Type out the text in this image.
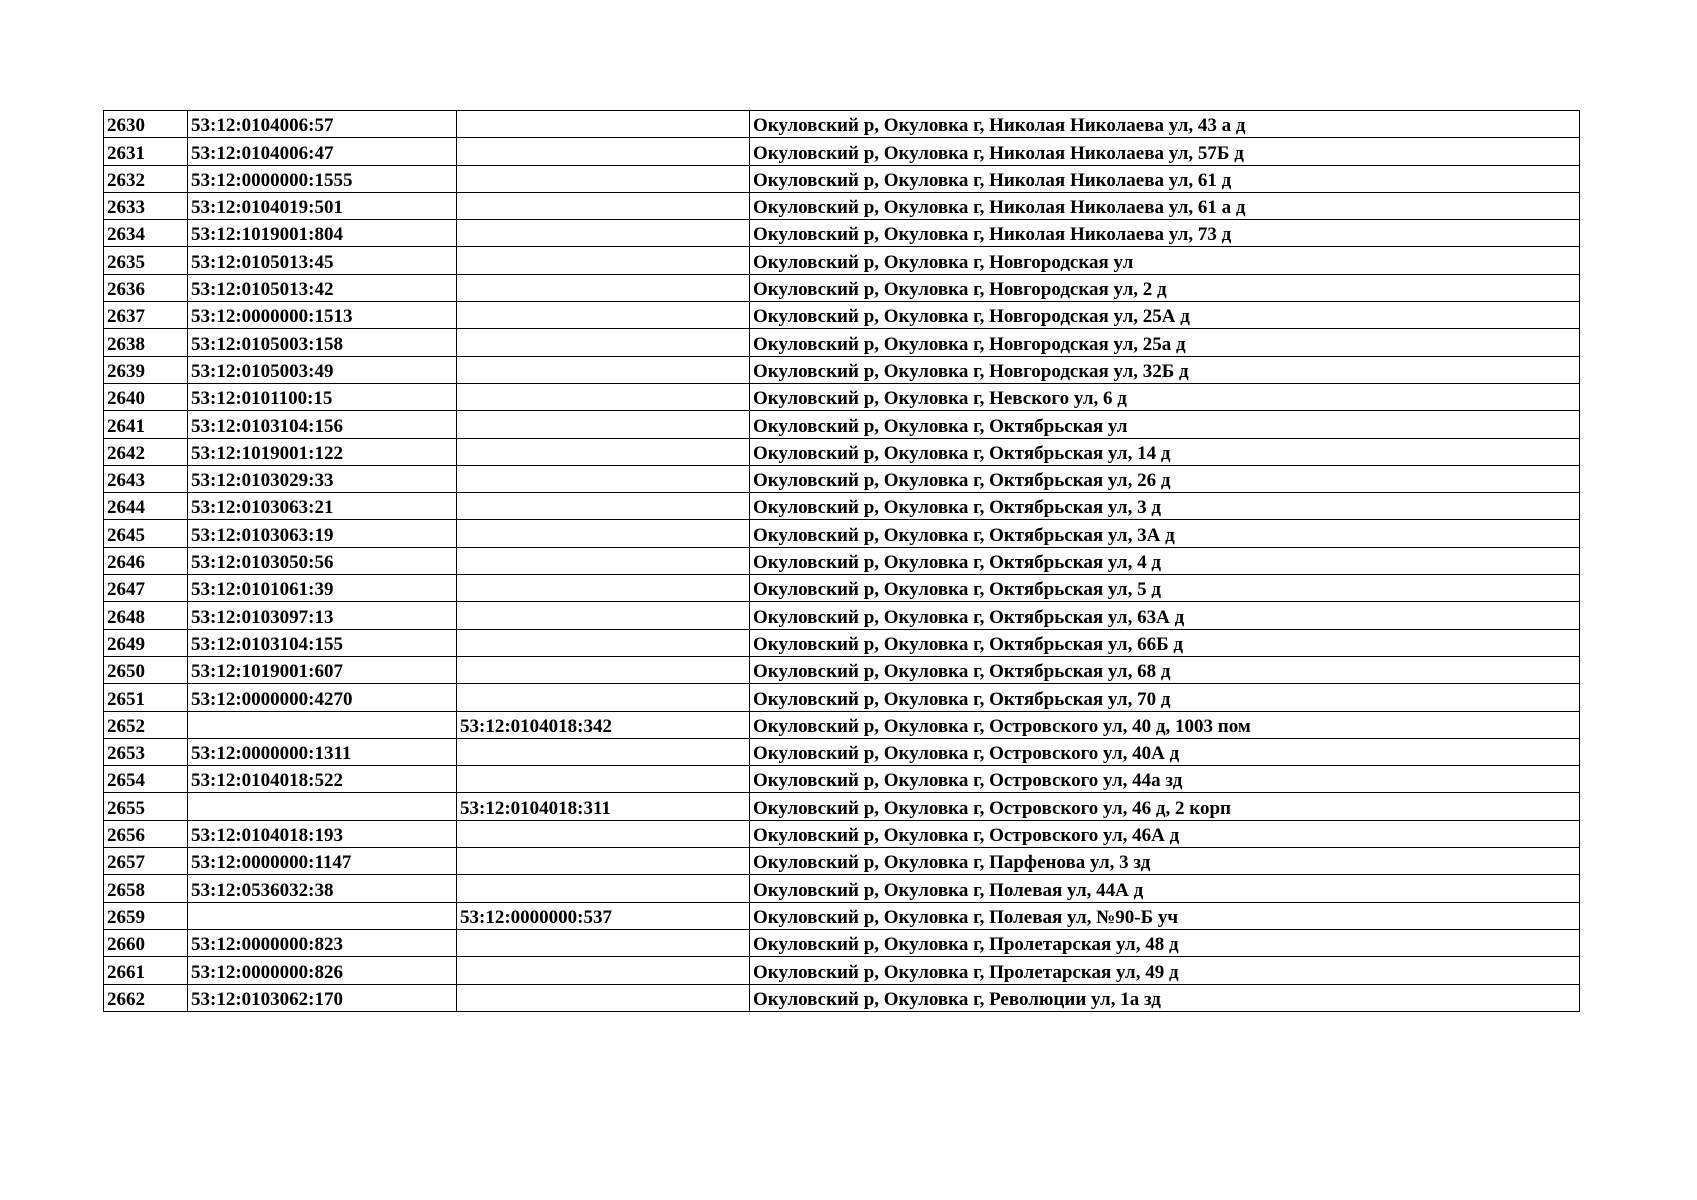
2630	53:12:0104006:57		Окуловский р, Окуловка г, Николая Николаева ул, 43 а д

2631	53:12:0104006:47		Окуловский р, Окуловка г, Николая Николаева ул, 57Б д

2632	53:12:0000000:1555		Окуловский р, Окуловка г, Николая Николаева ул, 61 д

2633	53:12:0104019:501		Окуловский р, Окуловка г, Николая Николаева ул, 61 а д

2634	53:12:1019001:804		Окуловский р, Окуловка г, Николая Николаева ул, 73 д

2635	53:12:0105013:45		Окуловский р, Окуловка г, Новгородская ул

2636	53:12:0105013:42		Окуловский р, Окуловка г, Новгородская ул, 2 д

2637	53:12:0000000:1513		Окуловский р, Окуловка г, Новгородская ул, 25А д

2638	53:12:0105003:158		Окуловский р, Окуловка г, Новгородская ул, 25а д

2639	53:12:0105003:49		Окуловский р, Окуловка г, Новгородская ул, 32Б д

2640	53:12:0101100:15		Окуловский р, Окуловка г, Невского ул, 6 д

2641	53:12:0103104:156		Окуловский р, Окуловка г, Октябрьская ул

2642	53:12:1019001:122		Окуловский р, Окуловка г, Октябрьская ул, 14 д

2643	53:12:0103029:33		Окуловский р, Окуловка г, Октябрьская ул, 26 д

2644	53:12:0103063:21		Окуловский р, Окуловка г, Октябрьская ул, 3 д

2645	53:12:0103063:19		Окуловский р, Окуловка г, Октябрьская ул, 3А д

2646	53:12:0103050:56		Окуловский р, Окуловка г, Октябрьская ул, 4 д

2647	53:12:0101061:39		Окуловский р, Окуловка г, Октябрьская ул, 5 д

2648	53:12:0103097:13		Окуловский р, Окуловка г, Октябрьская ул, 63А д

2649	53:12:0103104:155		Окуловский р, Окуловка г, Октябрьская ул, 66Б д

2650	53:12:1019001:607		Окуловский р, Окуловка г, Октябрьская ул, 68 д

2651	53:12:0000000:4270		Окуловский р, Окуловка г, Октябрьская ул, 70 д

2652		53:12:0104018:342	Окуловский р, Окуловка г, Островского ул, 40 д, 1003 пом

2653	53:12:0000000:1311		Окуловский р, Окуловка г, Островского ул, 40А д

2654	53:12:0104018:522		Окуловский р, Окуловка г, Островского ул, 44а зд

2655		53:12:0104018:311	Окуловский р, Окуловка г, Островского ул, 46 д, 2 корп

2656	53:12:0104018:193		Окуловский р, Окуловка г, Островского ул, 46А д

2657	53:12:0000000:1147		Окуловский р, Окуловка г, Парфенова ул, 3 зд

2658	53:12:0536032:38		Окуловский р, Окуловка г, Полевая ул, 44А д

2659		53:12:0000000:537	Окуловский р, Окуловка г, Полевая ул, №90-Б уч

2660	53:12:0000000:823		Окуловский р, Окуловка г, Пролетарская ул, 48 д

2661	53:12:0000000:826		Окуловский р, Окуловка г, Пролетарская ул, 49 д

2662	53:12:0103062:170		Окуловский р, Окуловка г, Революции ул, 1а зд
